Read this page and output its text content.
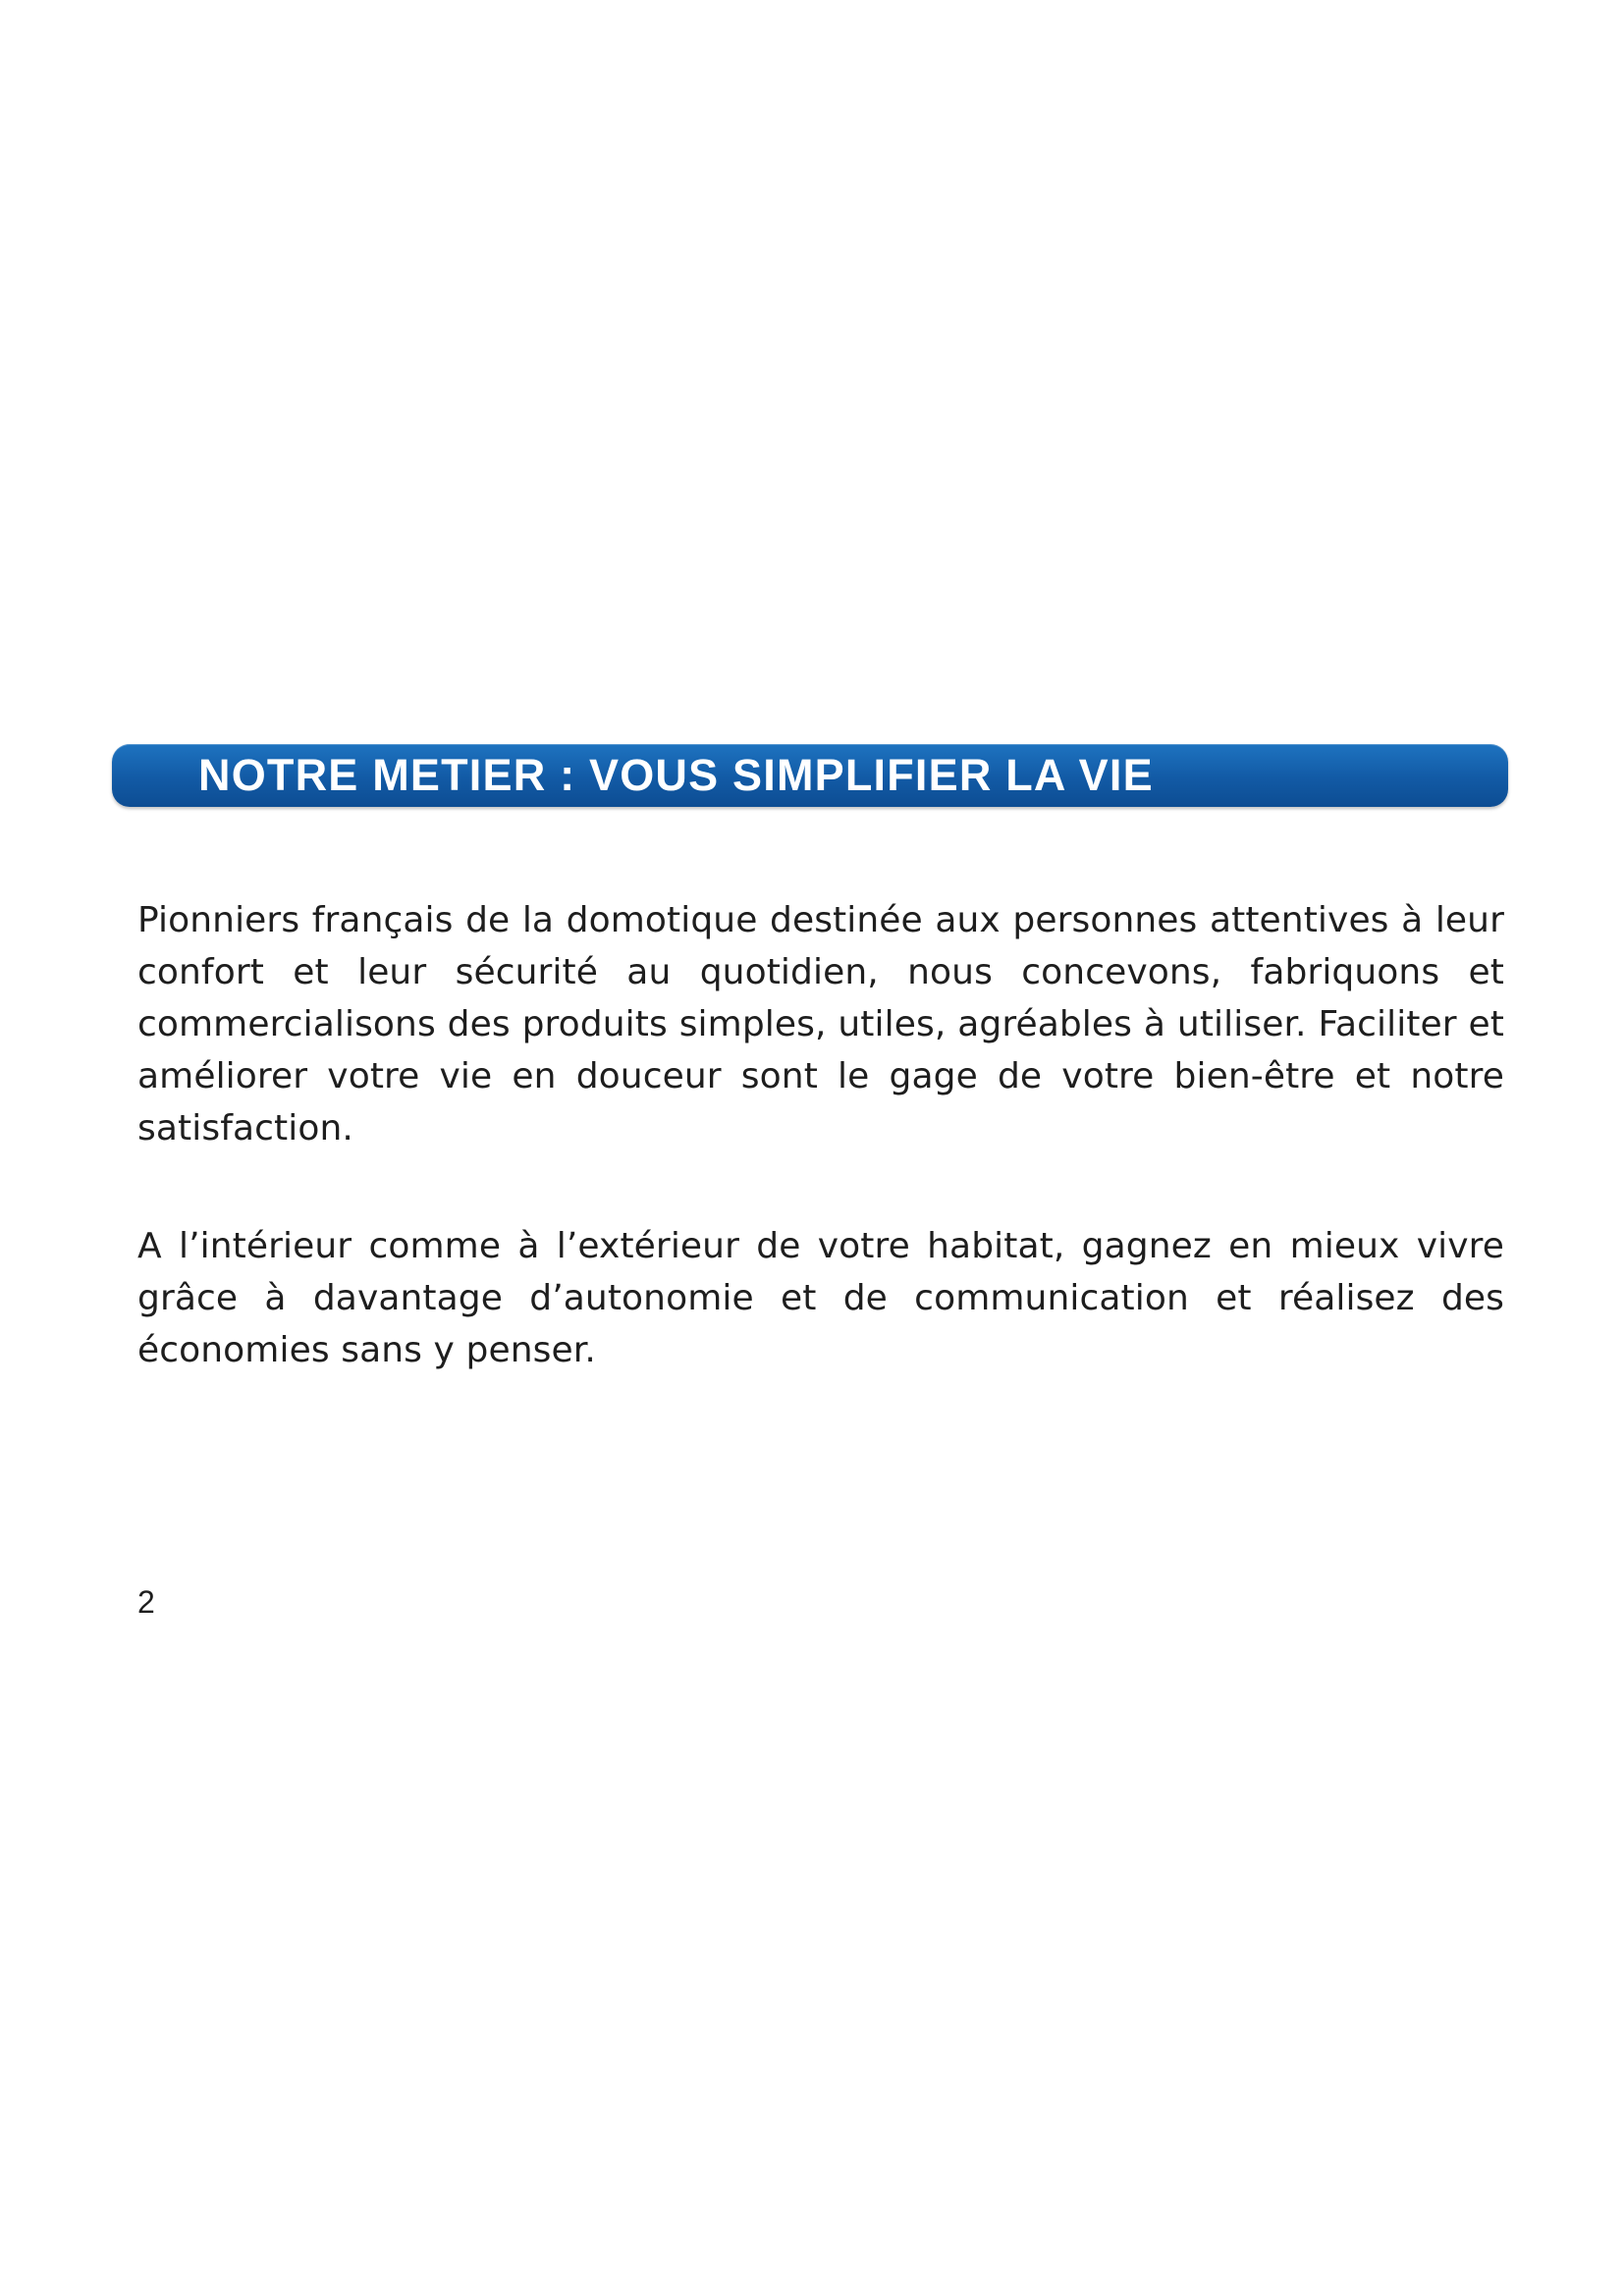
NOTRE METIER : VOUS SIMPLIFIER LA VIE

Pionniers français de la domotique destinée aux personnes attentives à leur confort et leur sécurité au quotidien, nous concevons, fabriquons et commercialisons des produits simples, utiles, agréables à utiliser. Faciliter et améliorer votre vie en douceur sont le gage de votre bien-être et notre satisfaction.

A l’intérieur comme à l’extérieur de votre habitat, gagnez en mieux vivre grâce à davantage d’autonomie et de communication et réalisez des économies sans y penser.

2
